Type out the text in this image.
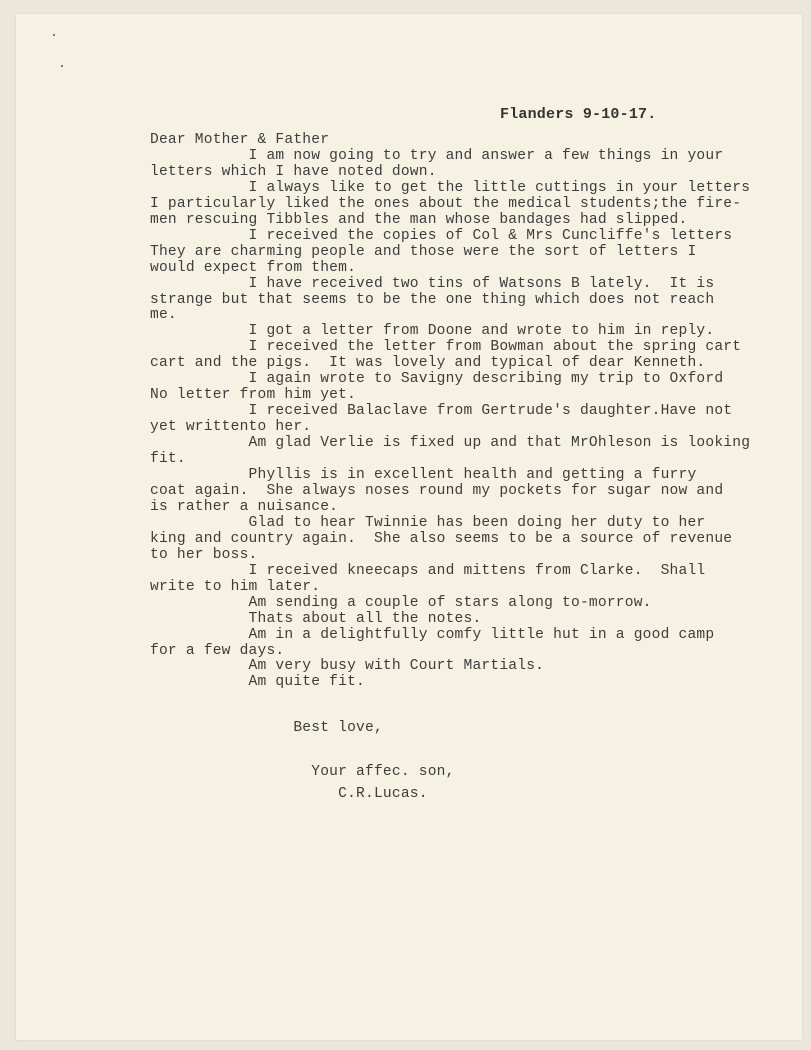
Flanders 9-10-17.

Dear Mother & Father
I am now going to try and answer a few things in your
letters which I have noted down.
I always like to get the little cuttings in your letters
I particularly liked the ones about the medical students;the fire-
men rescuing Tibbles and the man whose bandages had slipped.
I received the copies of Col & Mrs Cuncliffe's letters
They are charming people and those were the sort of letters I
would expect from them.
I have received two tins of Watsons B lately.  It is
strange but that seems to be the one thing which does not reach
me.
I got a letter from Doone and wrote to him in reply.
I received the letter from Bowman about the spring cart
cart and the pigs.  It was lovely and typical of dear Kenneth.
I again wrote to Savigny describing my trip to Oxford
No letter from him yet.
I received Balaclave from Gertrude's daughter.Have not
yet writtento her.
Am glad Verlie is fixed up and that MrOhleson is looking
fit.
Phyllis is in excellent health and getting a furry
coat again.  She always noses round my pockets for sugar now and
is rather a nuisance.
Glad to hear Twinnie has been doing her duty to her
king and country again.  She also seems to be a source of revenue
to her boss.
I received kneecaps and mittens from Clarke.  Shall
write to him later.
Am sending a couple of stars along to-morrow.
Thats about all the notes.
Am in a delightfully comfy little hut in a good camp
for a few days.
Am very busy with Court Martials.
Am quite fit.
Best love,

Your affec. son,
C.R.Lucas.
